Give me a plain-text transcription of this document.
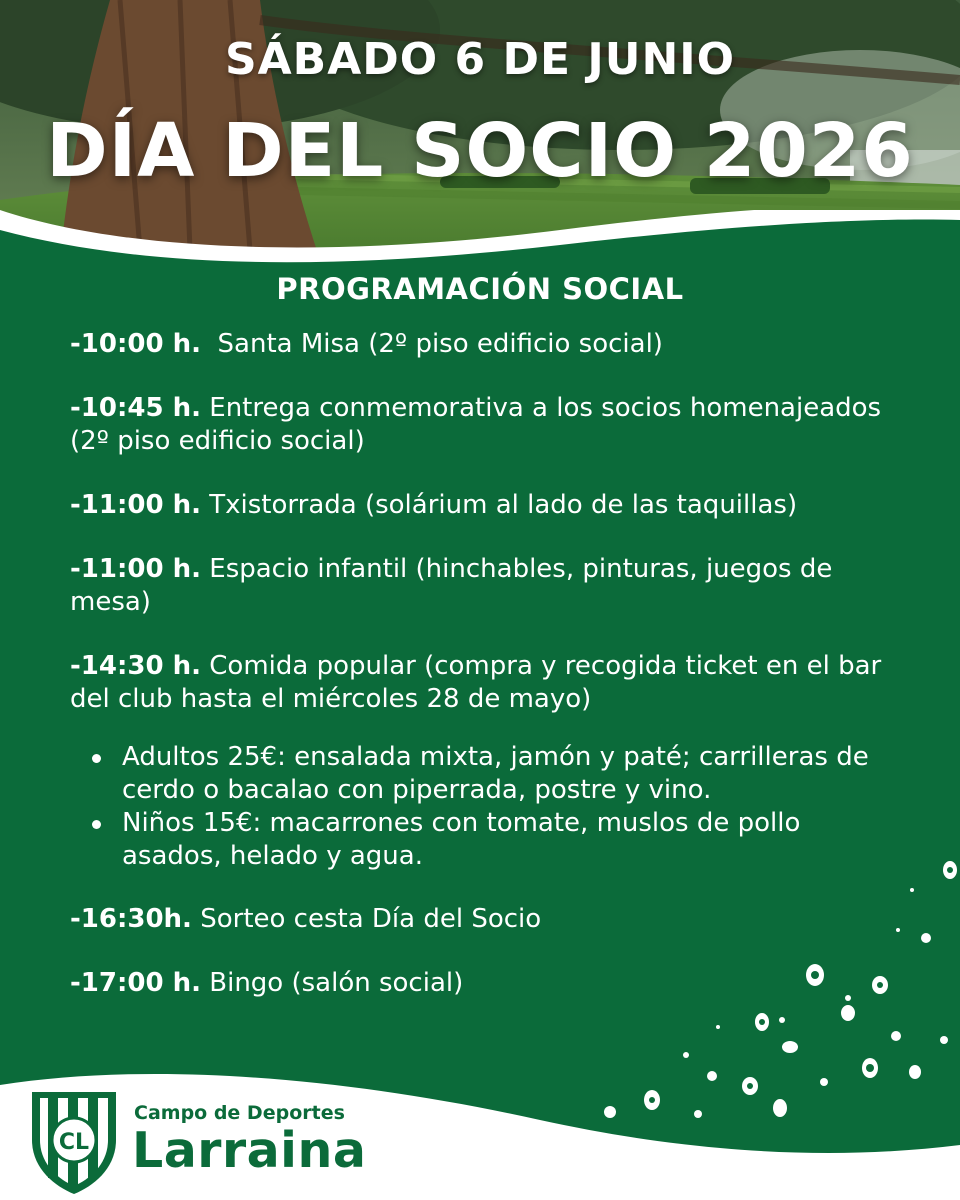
SÁBADO 6 DE JUNIO
DÍA DEL SOCIO 2026
PROGRAMACIÓN SOCIAL
-10:00 h. Santa Misa (2º piso edificio social)
-10:45 h. Entrega conmemorativa a los socios homenajeados (2º piso edificio social)
-11:00 h. Txistorrada (solárium al lado de las taquillas)
-11:00 h. Espacio infantil (hinchables, pinturas, juegos de mesa)
-14:30 h. Comida popular (compra y recogida ticket en el bar del club hasta el miércoles 28 de mayo)
Adultos 25€: ensalada mixta, jamón y paté; carrilleras de cerdo o bacalao con piperrada, postre y vino.
Niños 15€: macarrones con tomate, muslos de pollo asados, helado y agua.
-16:30h. Sorteo cesta Día del Socio
-17:00 h. Bingo (salón social)
CL
Campo de Deportes
Larraina
